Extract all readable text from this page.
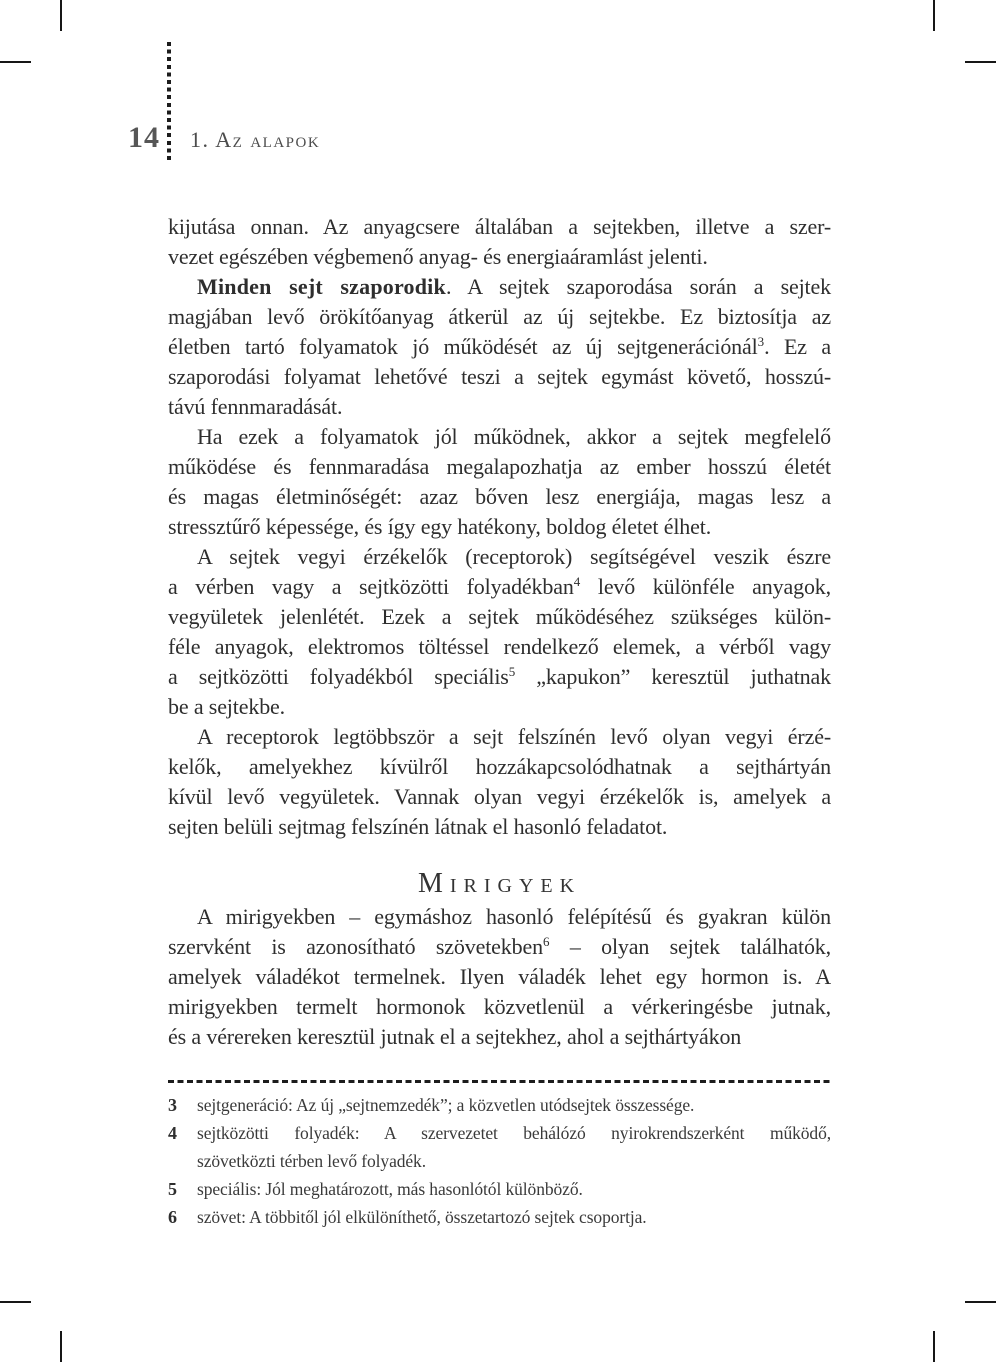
14 1. Az alapok
kijutása onnan. Az anyagcsere általában a sejtekben, illetve a szer-
vezet egészében végbemenő anyag- és energiaáramlást jelenti.
Minden sejt szaporodik. A sejtek szaporodása során a sejtek
magjában levő örökítőanyag átkerül az új sejtekbe. Ez biztosítja az
életben tartó folyamatok jó működését az új sejtgenerációnál$^3$. Ez a
szaporodási folyamat lehetővé teszi a sejtek egymást követő, hosszú-
távú fennmaradását.
Ha ezek a folyamatok jól működnek, akkor a sejtek megfelelő
működése és fennmaradása megalapozhatja az ember hosszú életét
és magas életminőségét: azaz bőven lesz energiája, magas lesz a
stressztűrő képessége, és így egy hatékony, boldog életet élhet.
A sejtek vegyi érzékelők (receptorok) segítségével veszik észre
a vérben vagy a sejtközötti folyadékban$^4$ levő különféle anyagok,
vegyületek jelenlétét. Ezek a sejtek működéséhez szükséges külön-
féle anyagok, elektromos töltéssel rendelkező elemek, a vérből vagy
a sejtközötti folyadékból speciális$^5$ „kapukon” keresztül juthatnak
be a sejtekbe.
A receptorok legtöbbször a sejt felszínén levő olyan vegyi érzé-
kelők, amelyekhez kívülről hozzákapcsolódhatnak a sejthártyán
kívül levő vegyületek. Vannak olyan vegyi érzékelők is, amelyek a
sejten belüli sejtmag felszínén látnak el hasonló feladatot.
Mirigyek
A mirigyekben – egymáshoz hasonló felépítésű és gyakran külön
szervként is azonosítható szövetekben$^6$ – olyan sejtek találhatók,
amelyek váladékot termelnek. Ilyen váladék lehet egy hormon is. A
mirigyekben termelt hormonok közvetlenül a vérkeringésbe jutnak,
és a vérereken keresztül jutnak el a sejtekhez, ahol a sejthártyákon
3	sejtgeneráció: Az új „sejtnemzedék”; a közvetlen utódsejtek összessége.
4	sejtközötti folyadék: A szervezetet behálózó nyirokrendszerként működő,
szövetközti térben levő folyadék.
5	speciális: Jól meghatározott, más hasonlótól különböző.
6	szövet: A többitől jól elkülöníthető, összetartozó sejtek csoportja.
